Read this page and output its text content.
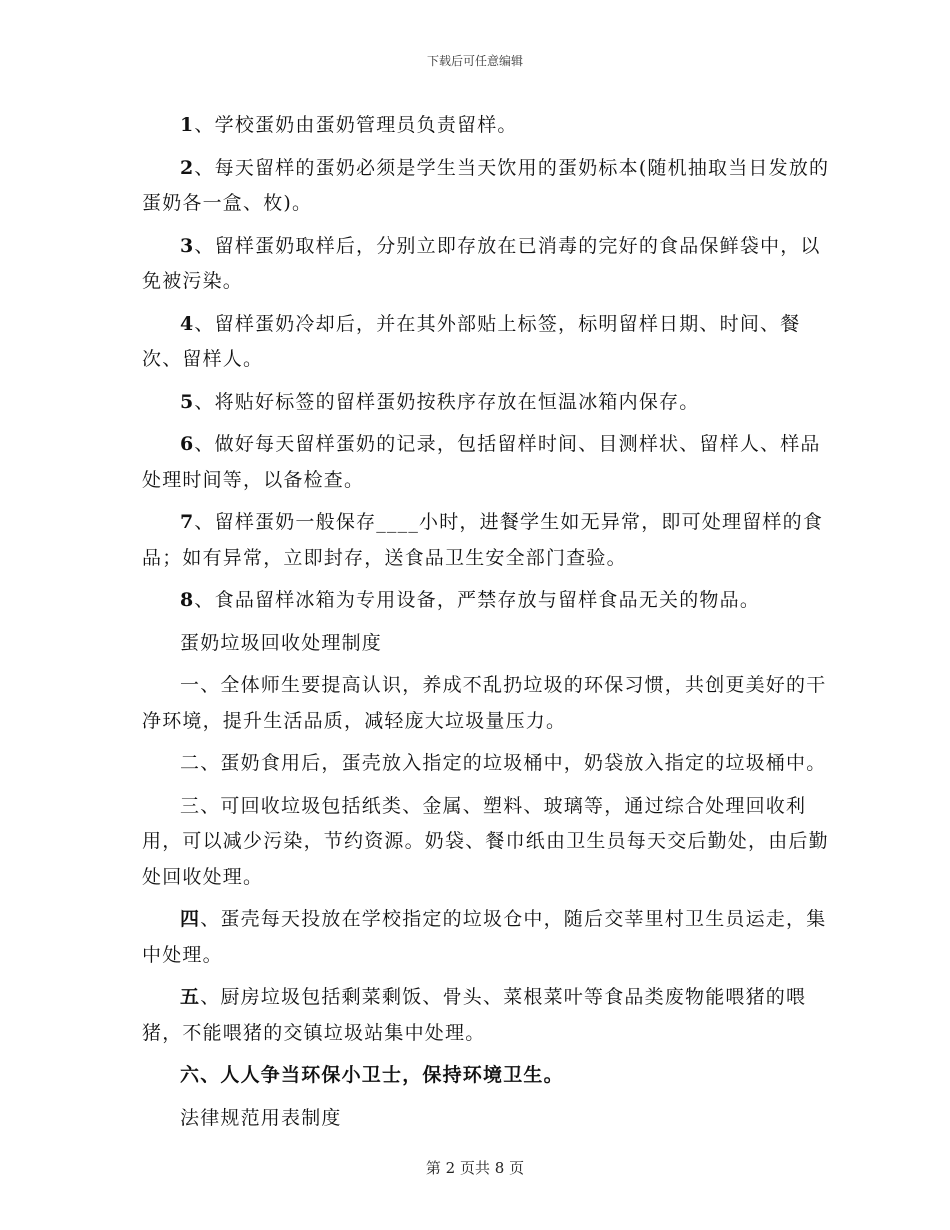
下载后可任意编辑

1、学校蛋奶由蛋奶管理员负责留样。

2、每天留样的蛋奶必须是学生当天饮用的蛋奶标本(随机抽取当日发放的蛋奶各一盒、枚)。

3、留样蛋奶取样后，分别立即存放在已消毒的完好的食品保鲜袋中，以免被污染。

4、留样蛋奶冷却后，并在其外部贴上标签，标明留样日期、时间、餐次、留样人。

5、将贴好标签的留样蛋奶按秩序存放在恒温冰箱内保存。

6、做好每天留样蛋奶的记录，包括留样时间、目测样状、留样人、样品处理时间等，以备检查。

7、留样蛋奶一般保存____小时，进餐学生如无异常，即可处理留样的食品；如有异常，立即封存，送食品卫生安全部门查验。

8、食品留样冰箱为专用设备，严禁存放与留样食品无关的物品。

蛋奶垃圾回收处理制度

一、全体师生要提高认识，养成不乱扔垃圾的环保习惯，共创更美好的干净环境，提升生活品质，减轻庞大垃圾量压力。

二、蛋奶食用后，蛋壳放入指定的垃圾桶中，奶袋放入指定的垃圾桶中。

三、可回收垃圾包括纸类、金属、塑料、玻璃等，通过综合处理回收利用，可以减少污染，节约资源。奶袋、餐巾纸由卫生员每天交后勤处，由后勤处回收处理。

四、蛋壳每天投放在学校指定的垃圾仓中，随后交莘里村卫生员运走，集中处理。

五、厨房垃圾包括剩菜剩饭、骨头、菜根菜叶等食品类废物能喂猪的喂猪，不能喂猪的交镇垃圾站集中处理。

六、人人争当环保小卫士，保持环境卫生。

法律规范用表制度

第 2 页共 8 页
